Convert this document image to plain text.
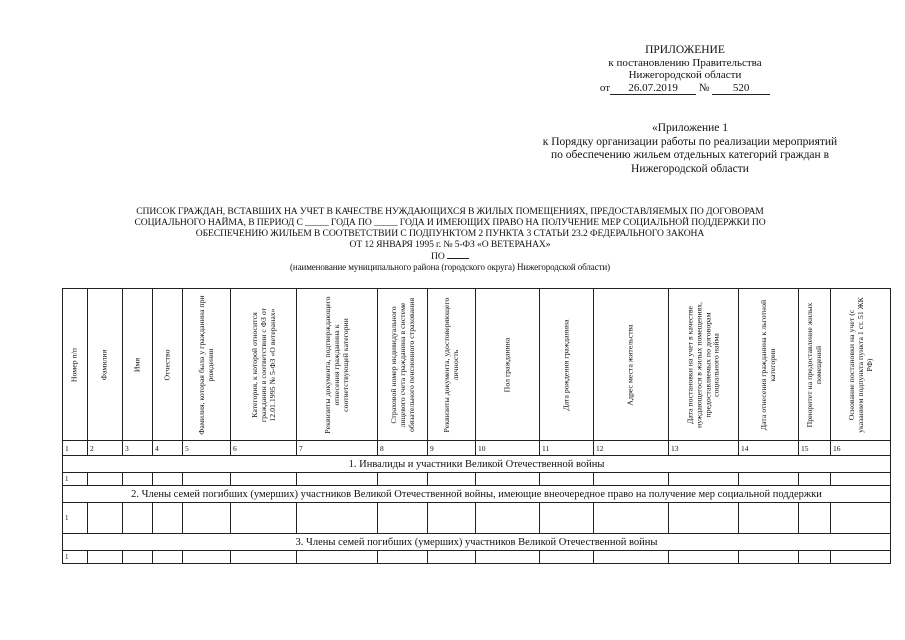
ПРИЛОЖЕНИЕ
к постановлению Правительства
Нижегородской области
от 26.07.2019 № 520
«Приложение 1
к Порядку организации работы по реализации мероприятий
по обеспечению жильем отдельных категорий граждан в
Нижегородской области
СПИСОК ГРАЖДАН, ВСТАВШИХ НА УЧЕТ В КАЧЕСТВЕ НУЖДАЮЩИХСЯ В ЖИЛЫХ ПОМЕЩЕНИЯХ, ПРЕДОСТАВЛЯЕМЫХ ПО ДОГОВОРАМ
СОЦИАЛЬНОГО НАЙМА, В ПЕРИОД С _____ ГОДА ПО _____ ГОДА И ИМЕЮЩИХ ПРАВО НА ПОЛУЧЕНИЕ МЕР СОЦИАЛЬНОЙ ПОДДЕРЖКИ ПО
ОБЕСПЕЧЕНИЮ ЖИЛЬЕМ В СООТВЕТСТВИИ С ПОДПУНКТОМ 2 ПУНКТА 3 СТАТЬИ 23.2 ФЕДЕРАЛЬНОГО ЗАКОНА
ОТ 12 ЯНВАРЯ 1995 г. № 5-ФЗ «О ВЕТЕРАНАХ»
ПО
(наименование муниципального района (городского округа) Нижегородской области)
Номер п/п	Фамилия	Имя	Отчество	Фамилия, которая была у гражданина при рождении	Категория, к которой относится гражданин в соответствии с ФЗ от 12.01.1995 № 5-ФЗ «О ветеранах»	Реквизиты документа, подтверждающего отнесения гражданина к соответствующей категории	Страховой номер индивидуального лицевого счета гражданина в системе обязательного пенсионного страхования	Реквизиты документа, удостоверяющего личность	Пол гражданина	Дата рождения гражданина	Адрес места жительства	Дата постановки на учет в качестве нуждающегося в жилых помещениях, предоставляемых по договорам социального найма	Дата отнесения гражданина к льготной категории	Приоритет на предоставление жилых помещений	Основание постановки на учет (с указанием подпункта пункта 1 ст. 51 ЖК РФ)

1	2	3	4	5	6	7	8	9	10	11	12	13	14	15	16
1. Инвалиды и участники Великой Отечественной войны															
1															
2. Члены семей погибших (умерших) участников Великой Отечественной войны, имеющие внеочередное право на получение мер социальной поддержки															
1															
3. Члены семей погибших (умерших) участников Великой Отечественной войны															
1															
